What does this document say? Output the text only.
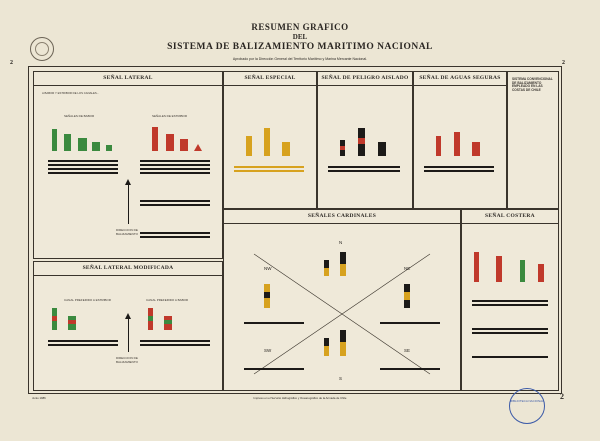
RESUMEN GRAFICO
DEL
SISTEMA DE BALIZAMIENTO MARITIMO NACIONAL
Aprobado por la Dirección General del Territorio Marítimo y Marina Mercante Nacional.
2	2
SEÑAL LATERAL
A BABOR Y ESTRIBOR DE LOS CANALES...
SEÑALES DE BABOR	SEÑALES DE ESTRIBOR
DIRECCION DE BALIZAMIENTO
SEÑAL ESPECIAL	SEÑAL DE PELIGRO AISLADO	SEÑAL DE AGUAS SEGURAS	SISTEMA CONVENCIONAL DE BALIZAMIENTO EMPLEADO EN LAS COSTAS DE CHILE
SEÑALES CARDINALES
N
NW	NE
SW	SE
S
SEÑAL COSTERA
SEÑAL LATERAL MODIFICADA
CANAL PREFERIDO A ESTRIBOR	CANAL PREFERIDO A BABOR
DIRECCION DE BALIZAMIENTO
Junio 1986	Impreso en el Servicio Hidrográfico y Oceanográfico de la Armada de Chile
BIBLIOTECA NACIONAL 2
